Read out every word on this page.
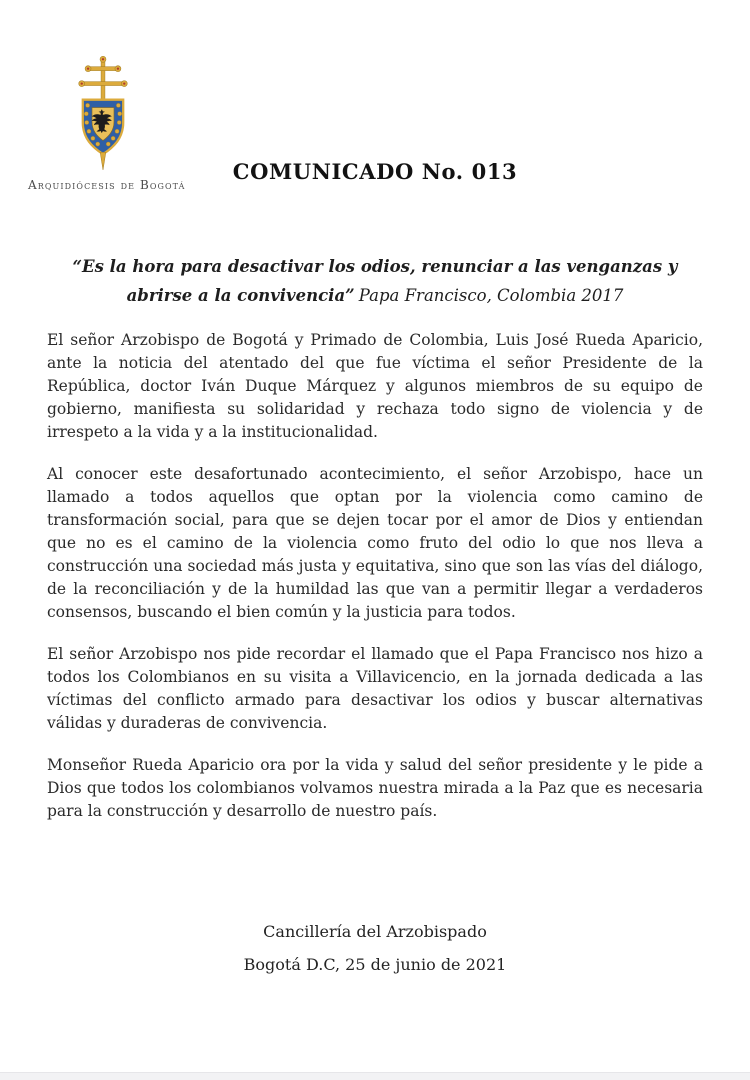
Arquidiócesis de Bogotá
COMUNICADO No. 013
“Es la hora para desactivar los odios, renunciar a las venganzas y abrirse a la convivencia” Papa Francisco, Colombia 2017

El señor Arzobispo de Bogotá y Primado de Colombia, Luis José Rueda Aparicio, ante la noticia del atentado del que fue víctima el señor Presidente de la República, doctor Iván Duque Márquez y algunos miembros de su equipo de gobierno, manifiesta su solidaridad y rechaza todo signo de violencia y de irrespeto a la vida y a la institucionalidad.

Al conocer este desafortunado acontecimiento, el señor Arzobispo, hace un llamado a todos aquellos que optan por la violencia como camino de transformación social, para que se dejen tocar por el amor de Dios y entiendan que no es el camino de la violencia como fruto del odio lo que nos lleva a construcción una sociedad más justa y equitativa, sino que son las vías del diálogo, de la reconciliación y de la humildad las que van a permitir llegar a verdaderos consensos, buscando el bien común y la justicia para todos.

El señor Arzobispo nos pide recordar el llamado que el Papa Francisco nos hizo a todos los Colombianos en su visita a Villavicencio, en la jornada dedicada a las víctimas del conflicto armado para desactivar los odios y buscar alternativas válidas y duraderas de convivencia.

Monseñor Rueda Aparicio ora por la vida y salud del señor presidente y le pide a Dios que todos los colombianos volvamos nuestra mirada a la Paz que es necesaria para la construcción y desarrollo de nuestro país.

Cancillería del Arzobispado
Bogotá D.C, 25 de junio de 2021
